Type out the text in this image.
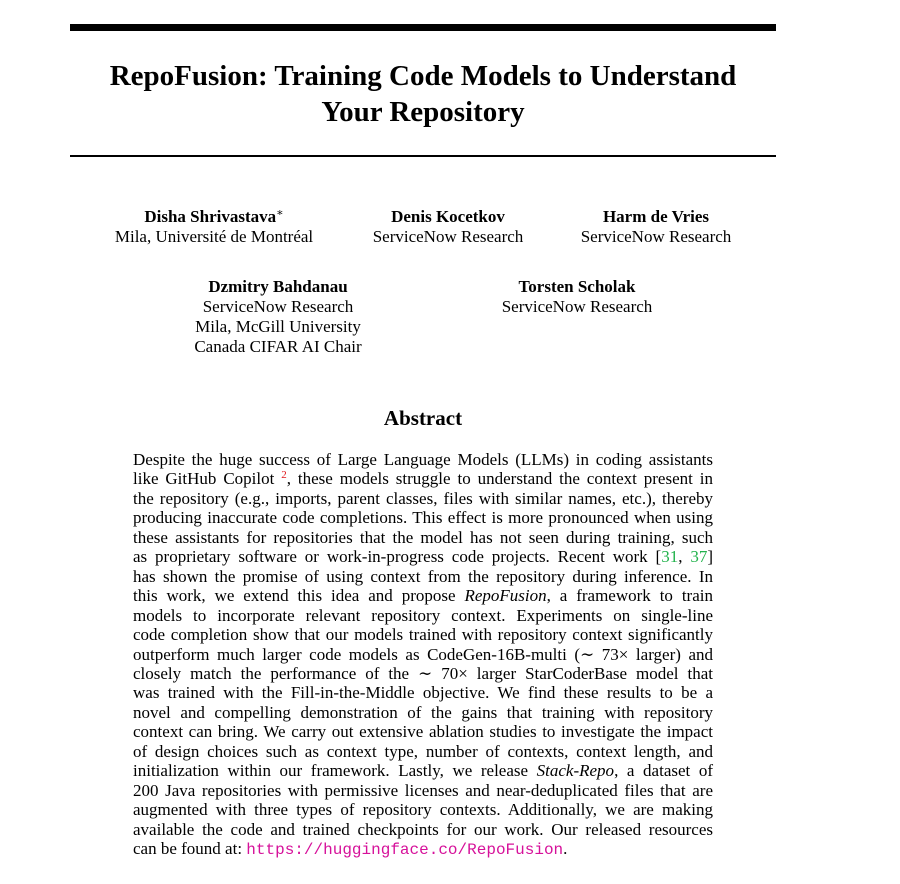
RepoFusion: Training Code Models to Understand
Your Repository
Disha Shrivastava∗
Mila, Université de Montréal
Denis Kocetkov
ServiceNow Research
Harm de Vries
ServiceNow Research
Dzmitry Bahdanau
ServiceNow Research
Mila, McGill University
Canada CIFAR AI Chair
Torsten Scholak
ServiceNow Research
Abstract
Despite the huge success of Large Language Models (LLMs) in coding assistants
like GitHub Copilot $^2$, these models struggle to understand the context present in
the repository (e.g., imports, parent classes, files with similar names, etc.), thereby
producing inaccurate code completions. This effect is more pronounced when using
these assistants for repositories that the model has not seen during training, such
as proprietary software or work-in-progress code projects. Recent work [31, 37]
has shown the promise of using context from the repository during inference. In
this work, we extend this idea and propose RepoFusion, a framework to train
models to incorporate relevant repository context. Experiments on single-line
code completion show that our models trained with repository context significantly
outperform much larger code models as CodeGen-16B-multi (∼ 73× larger) and
closely match the performance of the ∼ 70× larger StarCoderBase model that
was trained with the Fill-in-the-Middle objective. We find these results to be a
novel and compelling demonstration of the gains that training with repository
context can bring. We carry out extensive ablation studies to investigate the impact
of design choices such as context type, number of contexts, context length, and
initialization within our framework. Lastly, we release Stack-Repo, a dataset of
200 Java repositories with permissive licenses and near-deduplicated files that are
augmented with three types of repository contexts. Additionally, we are making
available the code and trained checkpoints for our work. Our released resources
can be found at: https://huggingface.co/RepoFusion.
